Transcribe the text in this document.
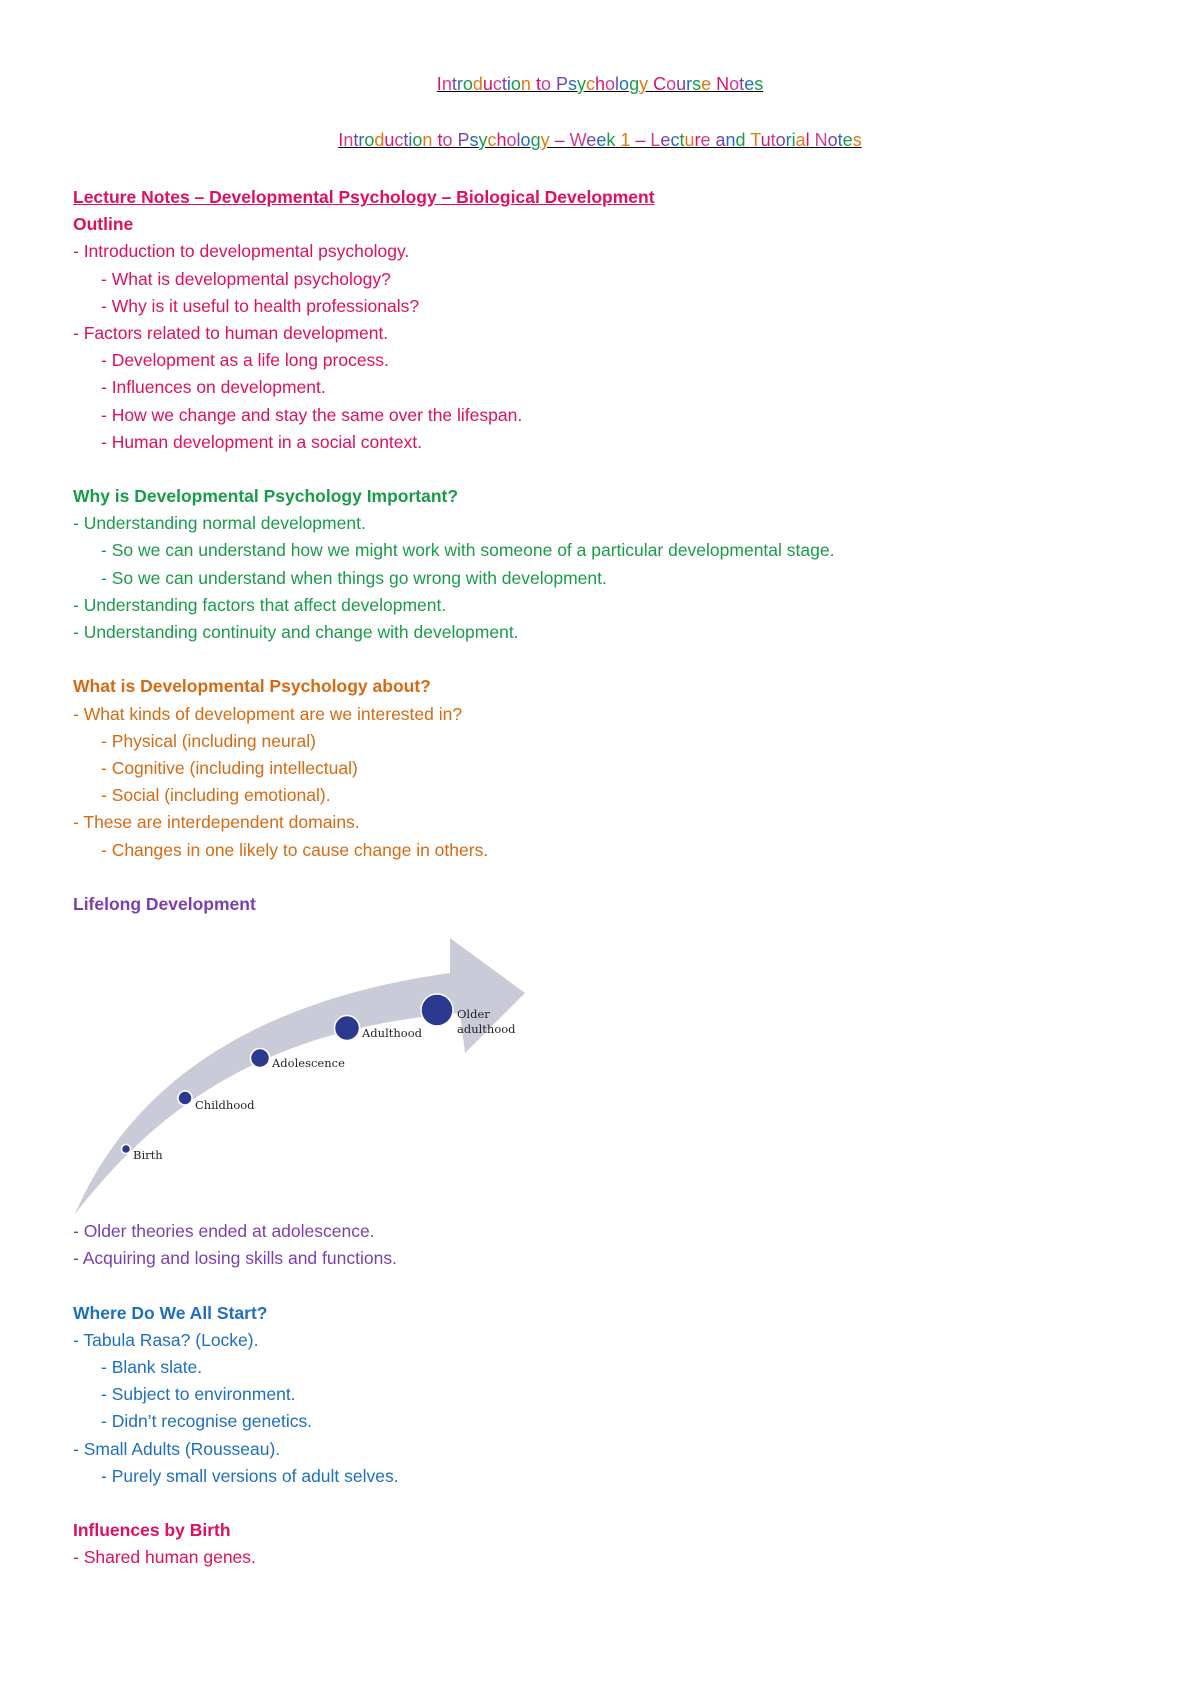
Introduction to Psychology Course Notes
Introduction to Psychology – Week 1 – Lecture and Tutorial Notes
Lecture Notes – Developmental Psychology – Biological Development
Outline
- Introduction to developmental psychology.
- What is developmental psychology?
- Why is it useful to health professionals?
- Factors related to human development.
- Development as a life long process.
- Influences on development.
- How we change and stay the same over the lifespan.
- Human development in a social context.
Why is Developmental Psychology Important?
- Understanding normal development.
- So we can understand how we might work with someone of a particular developmental stage.
- So we can understand when things go wrong with development.
- Understanding factors that affect development.
- Understanding continuity and change with development.
What is Developmental Psychology about?
- What kinds of development are we interested in?
- Physical (including neural)
- Cognitive (including intellectual)
- Social (including emotional).
- These are interdependent domains.
- Changes in one likely to cause change in others.
Lifelong Development
Birth
Childhood
Adolescence
Adulthood
Older
adulthood
- Older theories ended at adolescence.
- Acquiring and losing skills and functions.
Where Do We All Start?
- Tabula Rasa? (Locke).
- Blank slate.
- Subject to environment.
- Didn’t recognise genetics.
- Small Adults (Rousseau).
- Purely small versions of adult selves.
Influences by Birth
- Shared human genes.
